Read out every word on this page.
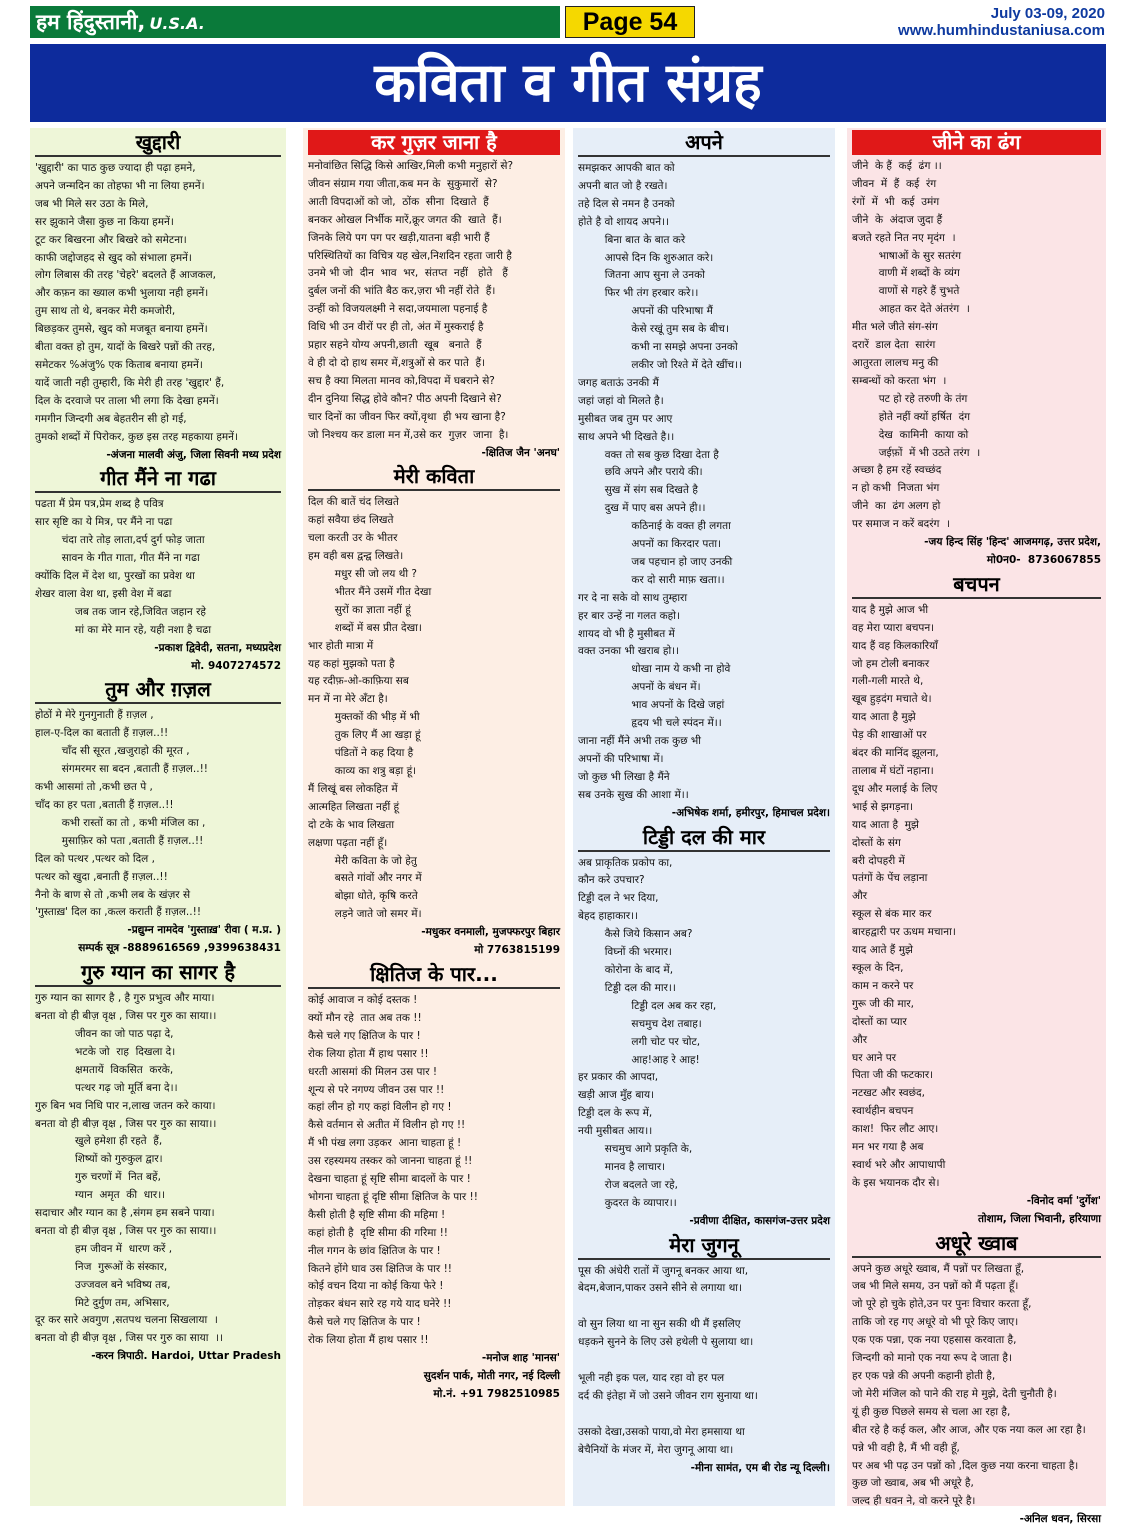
हम हिंदुस्तानी, U.S.A.	Page 54	July 03-09, 2020
www.humhindustaniusa.com
कविता व गीत संग्रह
खुद्दारी
'खुद्दारी' का पाठ कुछ ज्यादा ही पढ़ा हमने,
अपने जन्मदिन का तोहफा भी ना लिया हमनें।
जब भी मिले सर उठा के मिले,
सर झुकाने जैसा कुछ ना किया हमनें।
टूट कर बिखरना और बिखरे को समेटना।
काफी जद्दोजहद से खुद को संभाला हमनें।
लोग लिबास की तरह 'चेहरे' बदलते हैं आजकल,
और कफ़न का ख्याल कभी भुलाया नही हमनें।
तुम साथ तो थे, बनकर मेरी कमजोरी,
बिछड़कर तुमसे, खुद को मजबूत बनाया हमनें।
बीता वक्त हो तुम, यादों के बिखरे पन्नों की तरह,
समेटकर %अंजु% एक किताब बनाया हमनें।
यादें जाती नही तुम्हारी, कि मेरी ही तरह 'खुद्दार' हैं,
दिल के दरवाजे पर ताला भी लगा कि देखा हमनें।
गमगीन जिन्दगी अब बेहतरीन सी हो गई,
तुमको शब्दों में पिरोकर, कुछ इस तरह महकाया हमनें।
-अंजना मालवी अंजु, जिला सिवनी मध्य प्रदेश
गीत मैंने ना गढा
पढता मैं प्रेम पत्र,प्रेम शब्द है पवित्र
सार सृष्टि का ये मित्र, पर मैंने ना पढा
चंदा तारे तोड़ लाता,दर्प दुर्ग फोड़ जाता
सावन के गीत गाता, गीत मैंने ना गढा
क्योंकि दिल में देश था, पुरखों का प्रवेश था
शेखर वाला वेश था, इसी वेश में बढा
जब तक जान रहे,जिवित जहान रहे
मां का मेरे मान रहे, यही नशा है चढा
-प्रकाश द्विवेदी, सतना, मध्यप्रदेश
मो. 9407274572
तुम और ग़ज़ल
होठों मे मेरे गुनगुनाती हैं ग़ज़ल ,
हाल-ए-दिल का बताती हैं ग़ज़ल..!!
चाँद सी सूरत ,खजुराहो की मूरत ,
संगमरमर सा बदन ,बताती हैं ग़ज़ल..!!
कभी आसमां तो ,कभी छत पे ,
चाँद का हर पता ,बताती हैं ग़ज़ल..!!
कभी रास्तों का तो , कभी मंजिल का ,
मुसाफ़िर को पता ,बताती हैं ग़ज़ल..!!
दिल को पत्थर ,पत्थर को दिल ,
पत्थर को खुदा ,बनाती हैं ग़ज़ल..!!
नैनो के बाण से तो ,कभी लब के खंज़र से
'गुस्ताख़' दिल का ,कत्ल कराती हैं ग़ज़ल..!!
-प्रद्युम्न नामदेव 'गुस्ताख़' रीवा ( म.प्र. )
सम्पर्क सूत्र -8889616569 ,9399638431
गुरु ग्यान का सागर है
गुरु ग्यान का सागर है , है गुरु प्रभुत्व और माया।
बनता वो ही बीज़ वृक्ष , जिस पर गुरु का साया।।
जीवन का जो पाठ पढ़ा दे,
भटके जो  राह  दिखला दे।
क्षमतायें  विकसित  करके,
पत्थर गढ़ जो मूर्ति बना दे।।
गुरु बिन भव निधि पार न,लाख जतन करे काया।
बनता वो ही बीज़ वृक्ष , जिस पर गुरु का साया।।
खुले हमेशा ही रहते  हैं,
शिष्यों को गुरुकुल द्वार।
गुरु चरणों में  नित बहें,
ग्यान  अमृत  की  धार।।
सदाचार और ग्यान का है ,संगम हम सबने पाया।
बनता वो ही बीज़ वृक्ष , जिस पर गुरु का साया।।
हम जीवन में  धारण करें ,
निज  गुरूओं के संस्कार,
उज्जवल बने भविष्य तब,
मिटे दुर्गुण तम, अभिसार,
दूर कर सारे अवगुण ,सतपथ चलना सिखलाया  ।
बनता वो ही बीज़ वृक्ष , जिस पर गुरु का साया  ।।
-करन त्रिपाठी. Hardoi, Uttar Pradesh
कर गुज़र जाना है
मनोवांछित सिद्धि किसे आखिर,मिली कभी मनुहारों से?
जीवन संग्राम गया जीता,कब मन के  सुकुमारों  से?
आती विपदाओं को जो,  ठोंक  सीना  दिखाते  हैं
बनकर ओखल निर्भीक मारें,क्रूर जगत की  खाते  हैं।
जिनके लिये पग पग पर खड़ी,यातना बड़ी भारी हैं
परिस्थितियों का विचित्र यह खेल,निशदिन रहता जारी है
उनमे भी जो  दीन  भाव  भर,  संतप्त  नहीं   होते   हैं
दुर्बल जनों की भांति बैठ कर,ज़रा भी नहीं रोते  हैं।
उन्हीं को विजयलक्ष्मी ने सदा,जयमाला पहनाई है
विधि भी उन वीरों पर ही तो, अंत में मुस्कराई है
प्रहार सहने योग्य अपनी,छाती  खूब   बनाते  हैं
वे ही दो दो हाथ समर में,शत्रुओं से कर पाते  हैं।
सच है क्या मिलता मानव को,विपदा में घबराने से?
दीन दुनिया सिद्ध होवे कौन? पीठ अपनी दिखाने से?
चार दिनों का जीवन फिर क्यों,वृथा  ही भय खाना है?
जो निश्चय कर डाला मन में,उसे कर  गुज़र  जाना  है।
-क्षितिज जैन 'अनघ'
मेरी कविता
दिल की बातें चंद लिखते
कहां सवैया छंद लिखते
चला करती उर के भीतर
हम वही बस द्वन्द्व लिखते।
मधुर सी जो लय थी ?
भीतर मैंने उसमें गीत देखा
सुरों का ज्ञाता नहीं हूं
शब्दों में बस प्रीत देखा।
भार होती मात्रा में
यह कहां मुझको पता है
यह रदीफ़-ओ-काफ़िया सब
मन में ना मेरे अँटा है।
मुक्तकों की भीड़ में भी
तुक लिए मैं आ खड़ा हूं
पंडितों ने कह दिया है
काव्य का शत्रु बड़ा हूं।
मैं लिखूं बस लोकहित में
आत्महित लिखता नहीं हूं
दो टके के भाव लिखता
लक्षणा पढ़ता नहीं हूँ।
मेरी कविता के जो हेतु
बसते गांवों और नगर में
बोझा धोते, कृषि करते
लड़ने जाते जो समर में।
-मधुकर वनमाली, मुजफ्फरपुर बिहार
मो 7763815199
क्षितिज के पार...
कोई आवाज न कोई दस्तक !
क्यों मौन रहे  तात अब तक !!
कैसे चले गए क्षितिज के पार !
रोक लिया होता मैं हाथ पसार !!
धरती आसमां की मिलन उस पार !
शून्य से परे नगण्य जीवन उस पार !!
कहां लीन हो गए कहां विलीन हो गए !
कैसे वर्तमान से अतीत में विलीन हो गए !!
मैं भी पंख लगा उड़कर  आना चाहता हूं !
उस रहस्यमय तस्कर को जानना चाहता हूं !!
देखना चाहता हूं सृष्टि सीमा बादलों के पार !
भोगना चाहता हूं दृष्टि सीमा क्षितिज के पार !!
कैसी होती है सृष्टि सीमा की महिमा !
कहां होती है  दृष्टि सीमा की गरिमा !!
नील गगन के छांव क्षितिज के पार !
कितने होंगे घाव उस क्षितिज के पार !!
कोई वचन दिया ना कोई किया फेरे !
तोड़कर बंधन सारे रह गये याद घनेरे !!
कैसे चले गए क्षितिज के पार !
रोक लिया होता मैं हाथ पसार !!
-मनोज शाह 'मानस'
सुदर्शन पार्क, मोती नगर, नई दिल्ली
मो.नं. +91 7982510985
अपने
समझकर आपकी बात को
अपनी बात जो है रखते।
तहे दिल से नमन है उनको
होते है वो शायद अपने।।
बिना बात के बात करे
आपसे दिन कि शुरुआत करे।
जितना आप सुना ले उनको
फिर भी तंग हरबार करे।।
अपनों की परिभाषा मैं
केसे रखूं तुम सब के बीच।
कभी ना समझे अपना उनको
लकीर जो रिश्ते में देते खींच।।
जगह बताऊं उनकी मैं
जहां जहां वो मिलते है।
मुसीबत जब तुम पर आए
साथ अपने भी दिखते है।।
वक्त तो सब कुछ दिखा देता है
छवि अपने और पराये की।
सुख में संग सब दिखते है
दुख में पाए बस अपने ही।।
कठिनाई के वक्त ही लगता
अपनों का किरदार पता।
जब पहचान हो जाए उनकी
कर दो सारी माफ़ खता।।
गर दे ना सके वो साथ तुम्हारा
हर बार उन्हें ना गलत कहो।
शायद वो भी है मुसीबत में
वक्त उनका भी खराब हो।।
धोखा नाम ये कभी ना होवे
अपनों के बंधन में।
भाव अपनों के दिखे जहां
हृदय भी चले स्पंदन में।।
जाना नहीं मैंने अभी तक कुछ भी
अपनों की परिभाषा में।
जो कुछ भी लिखा है मैंने
सब उनके सुख की आशा में।।
-अभिषेक शर्मा, हमीरपुर, हिमाचल प्रदेश।
टिड्डी दल की मार
अब प्राकृतिक प्रकोप का,
कौन करे उपचार?
टिड्डी दल ने भर दिया,
बेहद हाहाकार।।
कैसे जिये किसान अब?
विघ्नों की भरमार।
कोरोना के बाद में,
टिड्डी दल की मार।।
टिड्डी दल अब कर रहा,
सचमुच देश तबाह।
लगी चोट पर चोट,
आह!आह रे आह!
हर प्रकार की आपदा,
खड़ी आज मुँह बाय।
टिड्डी दल के रूप में,
नयी मुसीबत आय।।
सचमुच आगे प्रकृति के,
मानव है लाचार।
रोज बदलते जा रहे,
कुदरत के व्यापार।।
-प्रवीणा दीक्षित, कासगंज-उत्तर प्रदेश
मेरा जुगनू
पूस की अंधेरी रातों में जुगनू बनकर आया था,
बेदम,बेजान,पाकर उसने सीने से लगाया था।

वो सुन लिया था ना सुन सकी थी मैं इसलिए
धड़कने सुनने के लिए उसे हथेली पे सुलाया था।

भूली नही इक पल, याद रहा वो हर पल
दर्द की इंतेहा में जो उसने जीवन राग सुनाया था।

उसको देखा,उसको पाया,वो मेरा हमसाया था
बेचैनियों के मंजर में, मेरा जुगनू आया था।
-मीना सामंत, एम बी रोड न्यू दिल्ली।
जीने का ढंग
जीने  के हैं  कई  ढंग ।।
जीवन  में  हैं  कई  रंग
रंगों  में  भी  कई  उमंग
जीने  के  अंदाज जुदा हैं
बजते रहते नित नए मृदंग  ।
भाषाओं के सुर सतरंग
वाणी में शब्दों के व्यंग
वाणों से गहरे हैं चुभते
आहत कर देते अंतरंग  ।
मीत भले जीते संग-संग
दरारें  डाल देता  सारंग
आतुरता लालच मनु की
सम्बन्धों को करता भंग  ।
पट हो रहे तरुणी के तंग
होते नहीं क्यों हर्षित  दंग
देख  कामिनी  काया को
जईफ़ों  में भी उठते तरंग  ।
अच्छा है हम रहें स्वच्छंद
न हो कभी  निजता भंग
जीने  का  ढंग अलग हो
पर समाज न करें बदरंग  ।
-जय हिन्द सिंह 'हिन्द' आजमगढ़, उत्तर प्रदेश,
मो0न0-  8736067855
बचपन
याद है मुझे आज भी
वह मेरा प्यारा बचपन।
याद हैं वह किलकारियाँ
जो हम टोली बनाकर
गली-गली मारते थे,
खूब हुड़दंग मचाते थे।
याद आता है मुझे
पेड़ की शाखाओं पर
बंदर की मानिंद झूलना,
तालाब में घंटों नहाना।
दूध और मलाई के लिए
भाई से झगड़ना।
याद आता है  मुझे
दोस्तों के संग
बरी दोपहरी में
पतंगों के पेंच लड़ाना
और
स्कूल से बंक मार कर
बारहद्वारी पर ऊधम मचाना।
याद आते हैं मुझे
स्कूल के दिन,
काम न करने पर
गुरू जी की मार,
दोस्तों का प्यार
और
घर आने पर
पिता जी की फटकार।
नटखट और स्वछंद,
स्वार्थहीन बचपन
काश!  फिर लौट आए।
मन भर गया है अब
स्वार्थ भरे और आपाधापी
के इस भयानक दौर से।
-विनोद वर्मा 'दुर्गेश'
तोशाम, जिला भिवानी, हरियाणा
अधूरे ख्वाब
अपने कुछ अधूरे ख्वाब, मैं पन्नों पर लिखता हूँ,
जब भी मिले समय, उन पन्नों को मैं पढ़ता हूँ।
जो पूरे हो चुके होते,उन पर पुनः विचार करता हूँ,
ताकि जो रह गए अधूरे वो भी पूरे किए जाए।
एक एक पन्ना, एक नया एहसास करवाता है,
जिन्दगी को मानो एक नया रूप दे जाता है।
हर एक पन्ने की अपनी कहानी होती है,
जो मेरी मंजिल को पाने की राह मे मुझे, देती चुनौती है।
यूं ही कुछ पिछले समय से चला आ रहा है,
बीत रहे है कई कल, और आज, और एक नया कल आ रहा है।
पन्ने भी वही है, मैं भी वही हूँ,
पर अब भी पढ़ उन पन्नों को ,दिल कुछ नया करना चाहता है।
कुछ जो ख्वाब, अब भी अधूरे है,
जल्द ही धवन ने, वो करने पूरे है।
-अनिल धवन, सिरसा
